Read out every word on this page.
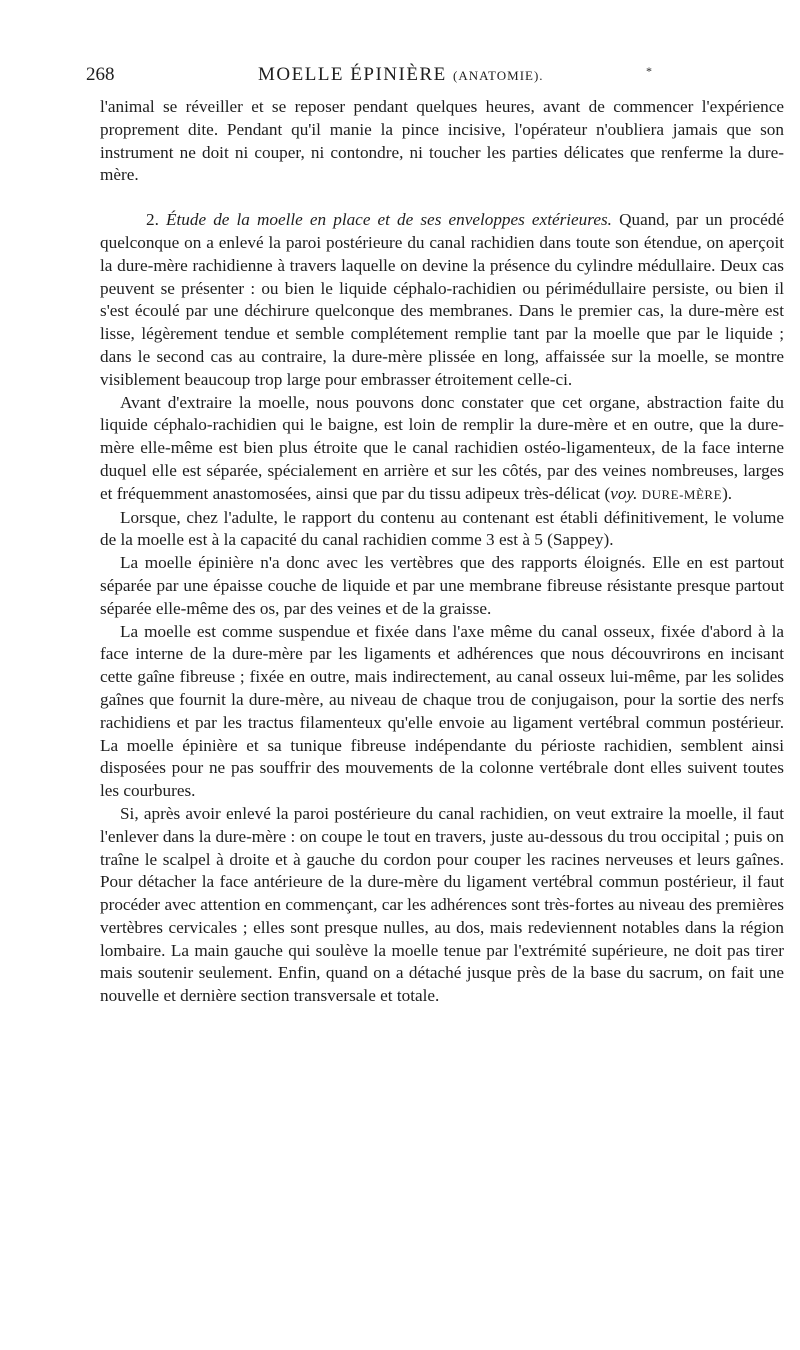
268	MOELLE ÉPINIÈRE (ANATOMIE).	*

l'animal se réveiller et se reposer pendant quelques heures, avant de commencer l'expérience proprement dite. Pendant qu'il manie la pince incisive, l'opérateur n'oubliera jamais que son instrument ne doit ni couper, ni contondre, ni toucher les parties délicates que renferme la dure-mère.

2. Étude de la moelle en place et de ses enveloppes extérieures. Quand, par un procédé quelconque on a enlevé la paroi postérieure du canal rachidien dans toute son étendue, on aperçoit la dure-mère rachidienne à travers laquelle on devine la présence du cylindre médullaire. Deux cas peuvent se présenter : ou bien le liquide céphalo-rachidien ou périmédullaire persiste, ou bien il s'est écoulé par une déchirure quelconque des membranes. Dans le premier cas, la dure-mère est lisse, légèrement tendue et semble complétement remplie tant par la moelle que par le liquide ; dans le second cas au contraire, la dure-mère plissée en long, affaissée sur la moelle, se montre visiblement beaucoup trop large pour embrasser étroitement celle-ci.

Avant d'extraire la moelle, nous pouvons donc constater que cet organe, abstraction faite du liquide céphalo-rachidien qui le baigne, est loin de remplir la dure-mère et en outre, que la dure-mère elle-même est bien plus étroite que le canal rachidien ostéo-ligamenteux, de la face interne duquel elle est séparée, spécialement en arrière et sur les côtés, par des veines nombreuses, larges et fréquemment anastomosées, ainsi que par du tissu adipeux très-délicat (voy. DURE-MÈRE).

Lorsque, chez l'adulte, le rapport du contenu au contenant est établi définitivement, le volume de la moelle est à la capacité du canal rachidien comme 3 est à 5 (Sappey).

La moelle épinière n'a donc avec les vertèbres que des rapports éloignés. Elle en est partout séparée par une épaisse couche de liquide et par une membrane fibreuse résistante presque partout séparée elle-même des os, par des veines et de la graisse.

La moelle est comme suspendue et fixée dans l'axe même du canal osseux, fixée d'abord à la face interne de la dure-mère par les ligaments et adhérences que nous découvrirons en incisant cette gaîne fibreuse ; fixée en outre, mais indirectement, au canal osseux lui-même, par les solides gaînes que fournit la dure-mère, au niveau de chaque trou de conjugaison, pour la sortie des nerfs rachidiens et par les tractus filamenteux qu'elle envoie au ligament vertébral commun postérieur. La moelle épinière et sa tunique fibreuse indépendante du périoste rachidien, semblent ainsi disposées pour ne pas souffrir des mouvements de la colonne vertébrale dont elles suivent toutes les courbures.

Si, après avoir enlevé la paroi postérieure du canal rachidien, on veut extraire la moelle, il faut l'enlever dans la dure-mère : on coupe le tout en travers, juste au-dessous du trou occipital ; puis on traîne le scalpel à droite et à gauche du cordon pour couper les racines nerveuses et leurs gaînes. Pour détacher la face antérieure de la dure-mère du ligament vertébral commun postérieur, il faut procéder avec attention en commençant, car les adhérences sont très-fortes au niveau des premières vertèbres cervicales ; elles sont presque nulles, au dos, mais redeviennent notables dans la région lombaire. La main gauche qui soulève la moelle tenue par l'extrémité supérieure, ne doit pas tirer mais soutenir seulement. Enfin, quand on a détaché jusque près de la base du sacrum, on fait une nouvelle et dernière section transversale et totale.
